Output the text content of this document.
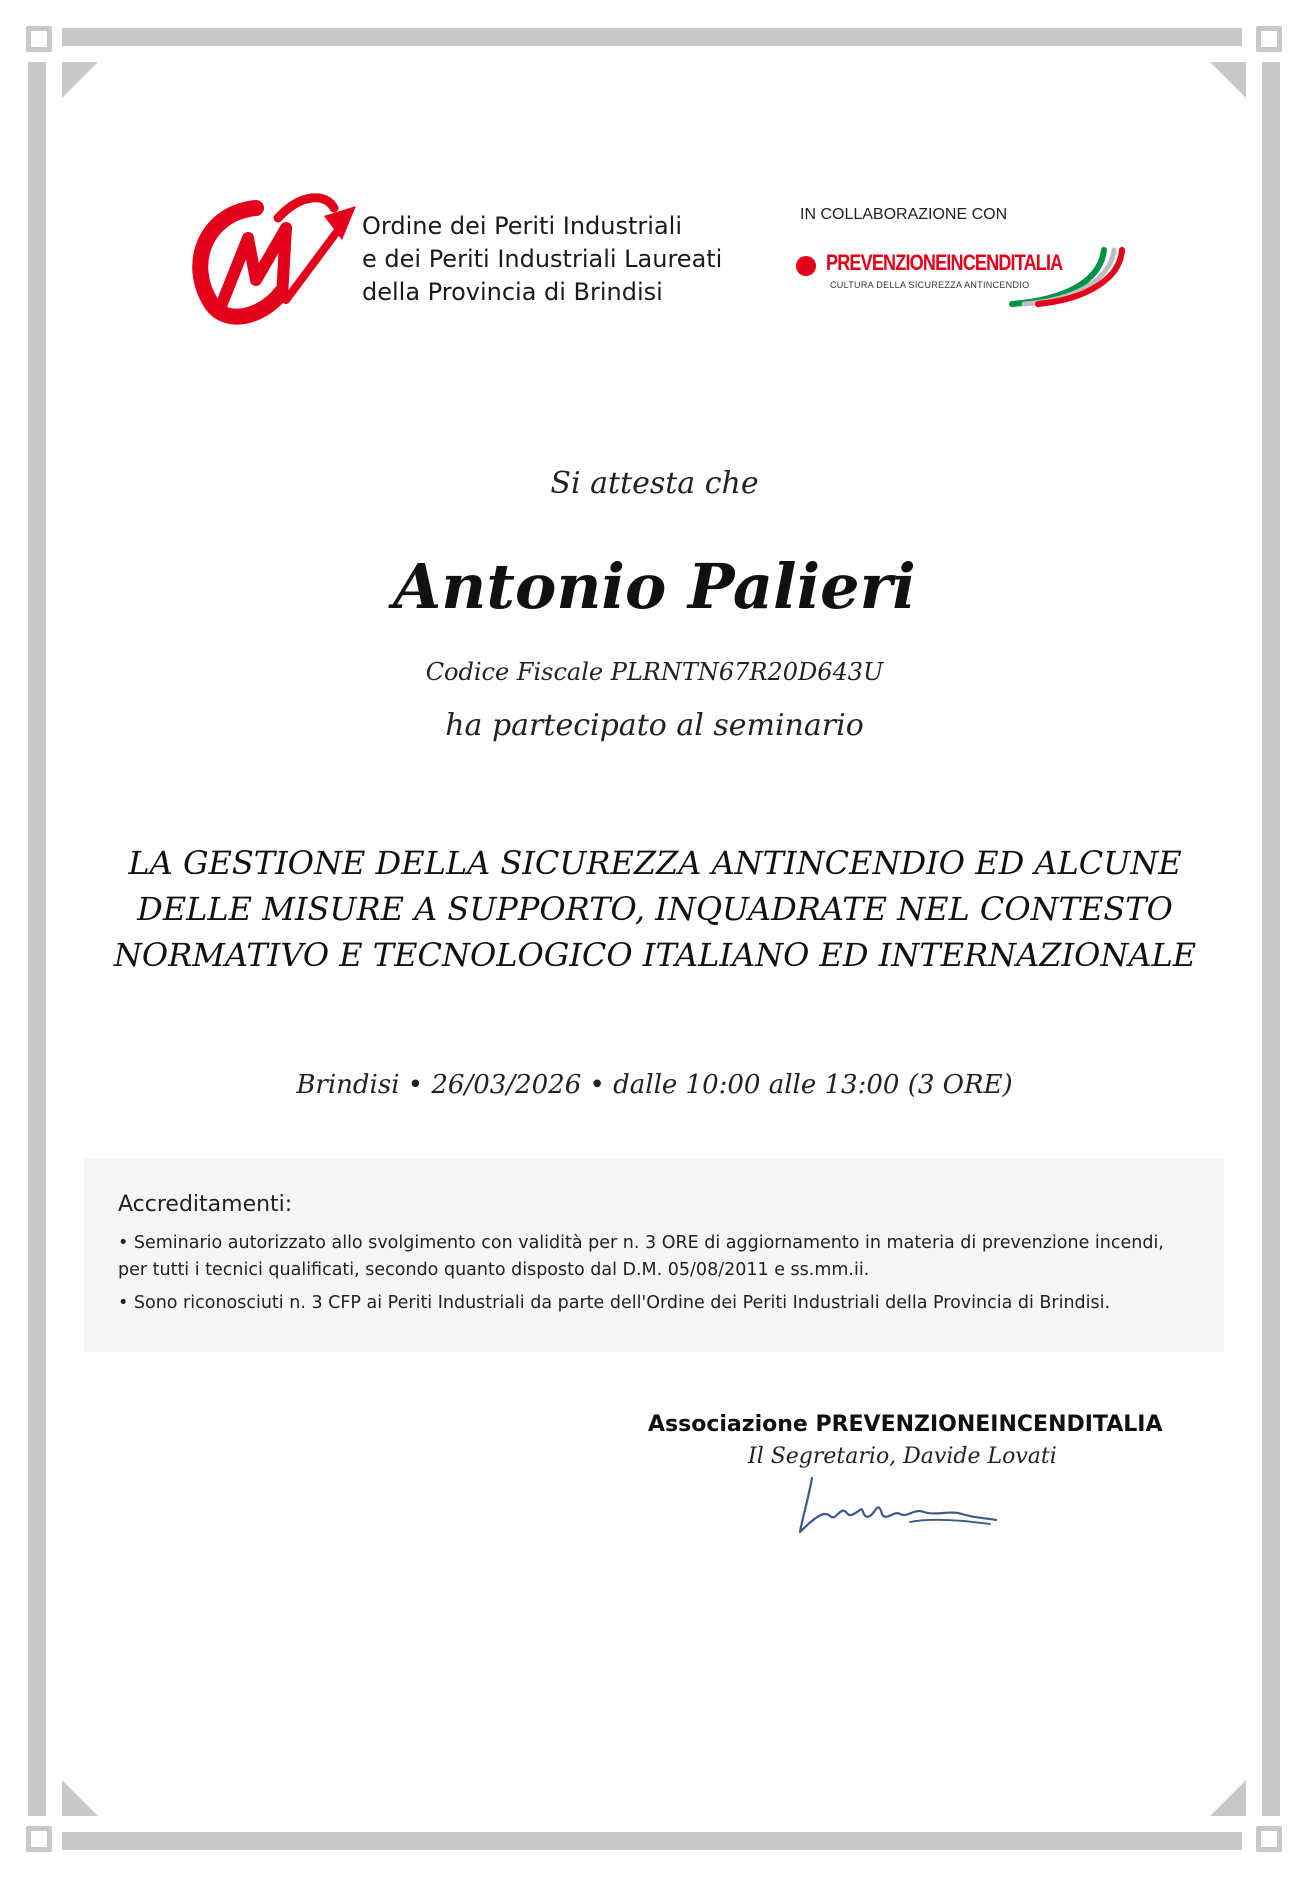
Ordine dei Periti Industriali
e dei Periti Industriali Laureati
della Provincia di Brindisi
IN COLLABORAZIONE CON
PREVENZIONEINCENDITALIA
CULTURA DELLA SICUREZZA ANTINCENDIO
Si attesta che
Antonio Palieri
Codice Fiscale PLRNTN67R20D643U
ha partecipato al seminario
LA GESTIONE DELLA SICUREZZA ANTINCENDIO ED ALCUNE
DELLE MISURE A SUPPORTO, INQUADRATE NEL CONTESTO
NORMATIVO E TECNOLOGICO ITALIANO ED INTERNAZIONALE
Brindisi • 26/03/2026 • dalle 10:00 alle 13:00 (3 ORE)
Accreditamenti:
• Seminario autorizzato allo svolgimento con validità per n. 3 ORE di aggiornamento in materia di prevenzione incendi, per tutti i tecnici qualificati, secondo quanto disposto dal D.M. 05/08/2011 e ss.mm.ii.
• Sono riconosciuti n. 3 CFP ai Periti Industriali da parte dell'Ordine dei Periti Industriali della Provincia di Brindisi.
Associazione PREVENZIONEINCENDITALIA
Il Segretario, Davide Lovati
